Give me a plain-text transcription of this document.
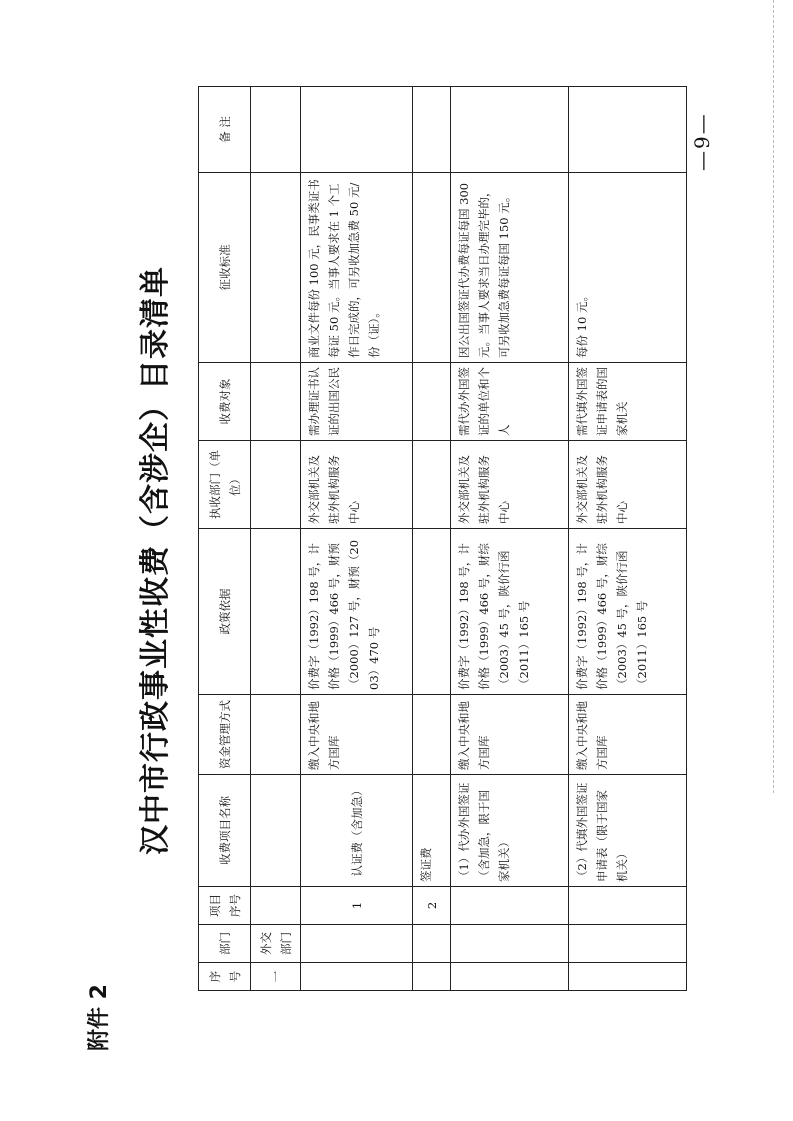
附件 2
汉中市行政事业性收费（含涉企）目录清单
序号	部门	项目序号	收费项目名称	资金管理方式	政策依据	执收部门（单位）	收费对象	征收标准	备 注
一	外交部门								
		1	认证费（含加急）	缴入中央和地方国库	价费字（1992）198 号，计价格（1999）466 号，财预（2000）127 号，财预（2003）470 号	外交部机关及驻外机构服务中心	需办理证书认证的出国公民	商业文件每份 100 元，民事类证书每证 50 元。当事人要求在 1 个工作日完成的，可另收加急费 50 元/份（证）。	
		2	签证费						
			（1）代办外国签证（含加急，限于国家机关）	缴入中央和地方国库	价费字（1992）198 号，计价格（1999）466 号，财综（2003）45 号，陕价行函（2011）165 号	外交部机关及驻外机构服务中心	需代办外国签证的单位和个人	因公出国签证代办费每证每国 300 元。当事人要求当日办理完毕的，可另收加急费每证每国 150 元。	
			（2）代填外国签证申请表（限于国家机关）	缴入中央和地方国库	价费字（1992）198 号，计价格（1999）466 号，财综（2003）45 号，陕价行函（2011）165 号	外交部机关及驻外机构服务中心	需代填外国签证申请表的国家机关	每份 10 元。	
—9—
